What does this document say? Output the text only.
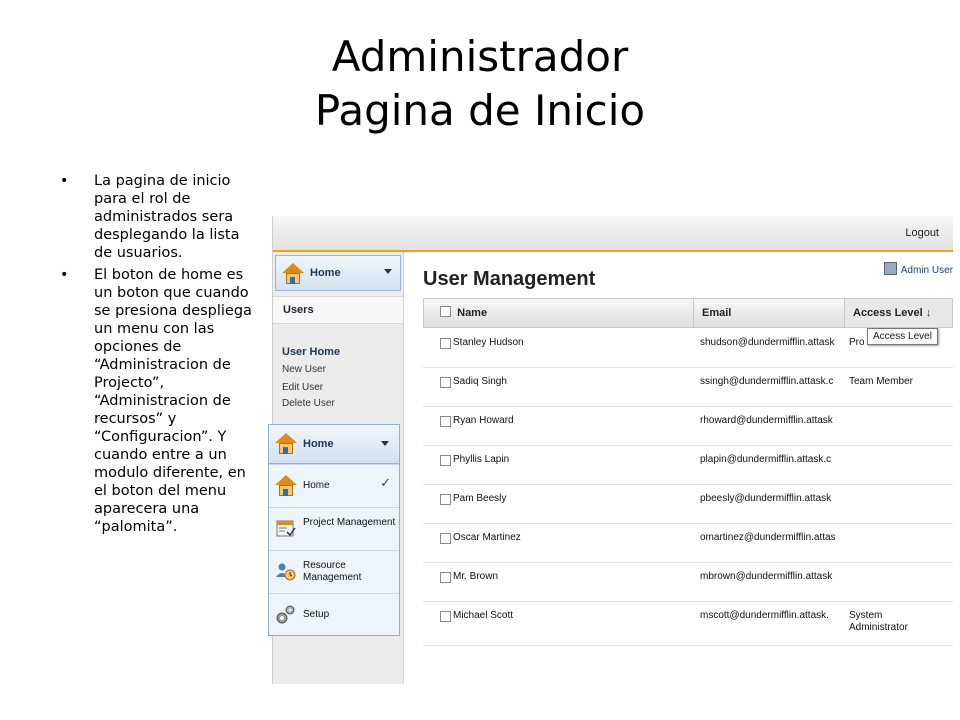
Administrador
Pagina de Inicio
• La pagina de inicio para el rol de administrados sera desplegando la lista de usuarios.
• El boton de home es un boton que cuando se presiona despliega un menu con las opciones de “Administracion de Projecto”, “Administracion de recursos” y “Configuracion”. Y cuando entre a un modulo diferente, en el boton del menu aparecera una “palomita”.
Logout
Home
Users
User Home
New User
Edit User
Delete User
User Management	Admin User
Name	Email	Access Level ↓
Stanley Hudson	shudson@dundermifflin.attask	Pro
Sadiq Singh	ssingh@dundermifflin.attask.c	Team Member
Ryan Howard	rhoward@dundermifflin.attask
Phyllis Lapin	plapin@dundermifflin.attask.c
Pam Beesly	pbeesly@dundermifflin.attask
Oscar Martinez	omartinez@dundermifflin.attas
Mr. Brown	mbrown@dundermifflin.attask
Michael Scott	mscott@dundermifflin.attask.	System Administrator
Access Level
Home
Home	✓
Project Management
Resource Management
Setup
